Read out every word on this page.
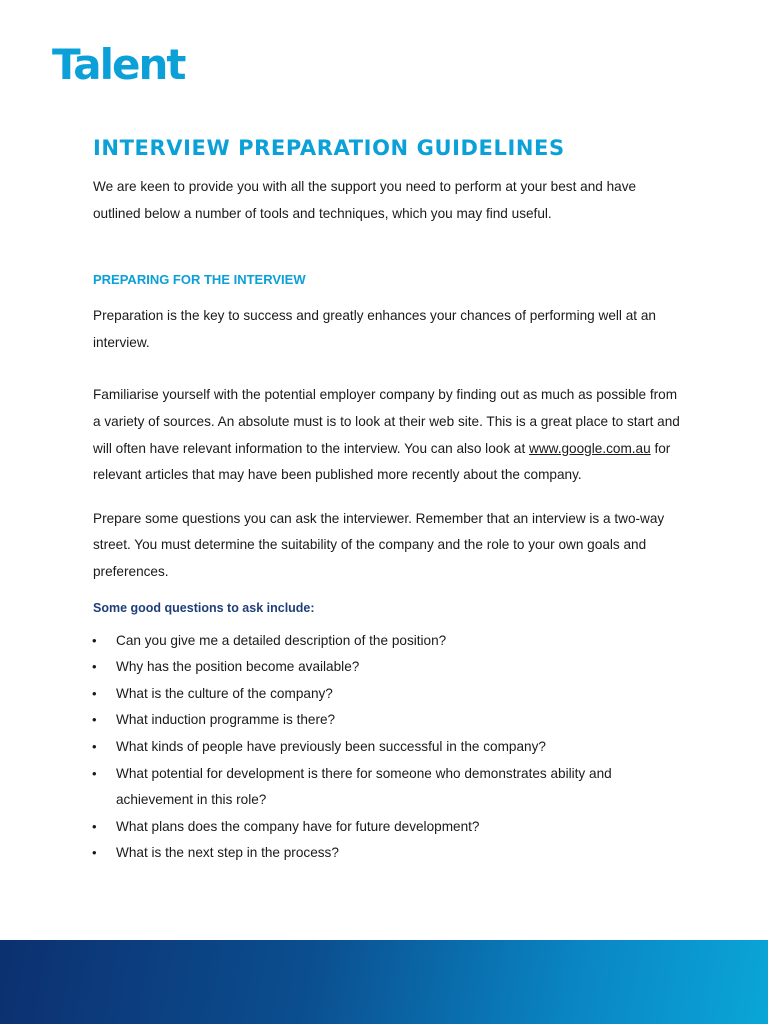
Talent
INTERVIEW PREPARATION GUIDELINES

We are keen to provide you with all the support you need to perform at your best and have outlined below a number of tools and techniques, which you may find useful.

PREPARING FOR THE INTERVIEW

Preparation is the key to success and greatly enhances your chances of performing well at an interview.

Familiarise yourself with the potential employer company by finding out as much as possible from a variety of sources. An absolute must is to look at their web site. This is a great place to start and will often have relevant information to the interview. You can also look at www.google.com.au for relevant articles that may have been published more recently about the company.

Prepare some questions you can ask the interviewer. Remember that an interview is a two-way street. You must determine the suitability of the company and the role to your own goals and preferences.

Some good questions to ask include:
• Can you give me a detailed description of the position?
• Why has the position become available?
• What is the culture of the company?
• What induction programme is there?
• What kinds of people have previously been successful in the company?
• What potential for development is there for someone who demonstrates ability and achievement in this role?
• What plans does the company have for future development?
• What is the next step in the process?
